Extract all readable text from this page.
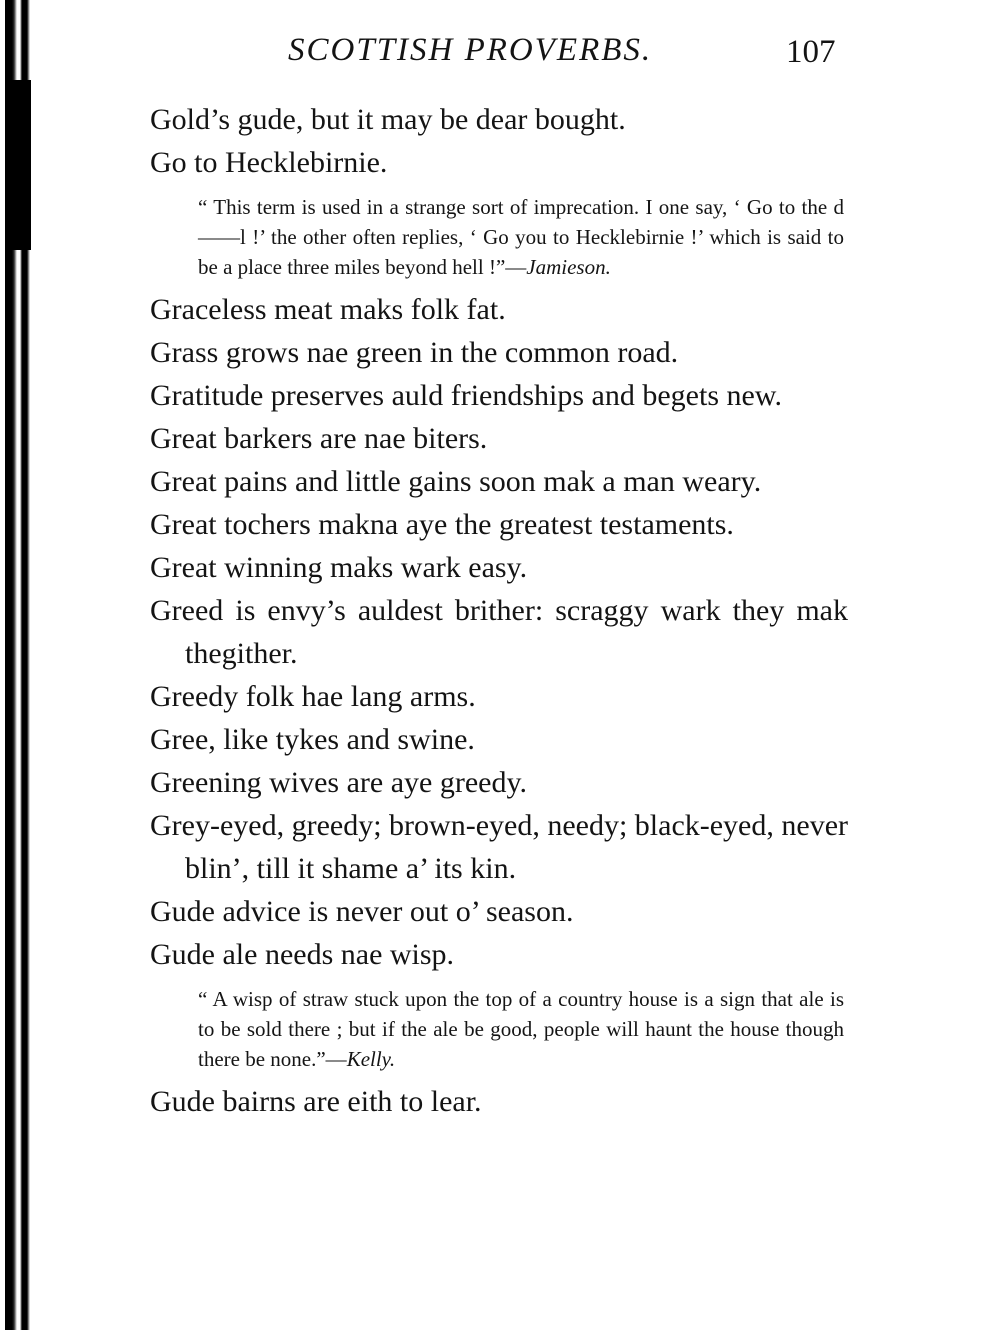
SCOTTISH PROVERBS.	107
Gold’s gude, but it may be dear bought.
Go to Hecklebirnie.
“ This term is used in a strange sort of imprecation. I one say, ‘ Go to the d——l !’ the other often replies, ‘ Go you to Hecklebirnie !’ which is said to be a place three miles beyond hell !”—Jamieson.
Graceless meat maks folk fat.
Grass grows nae green in the common road.
Gratitude preserves auld friendships and begets new.
Great barkers are nae biters.
Great pains and little gains soon mak a man weary.
Great tochers makna aye the greatest testaments.
Great winning maks wark easy.
Greed is envy’s auldest brither: scraggy wark they mak thegither.
Greedy folk hae lang arms.
Gree, like tykes and swine.
Greening wives are aye greedy.
Grey-eyed, greedy; brown-eyed, needy; black-eyed, never blin’, till it shame a’ its kin.
Gude advice is never out o’ season.
Gude ale needs nae wisp.
“ A wisp of straw stuck upon the top of a country house is a sign that ale is to be sold there ; but if the ale be good, people will haunt the house though there be none.”—Kelly.
Gude bairns are eith to lear.
